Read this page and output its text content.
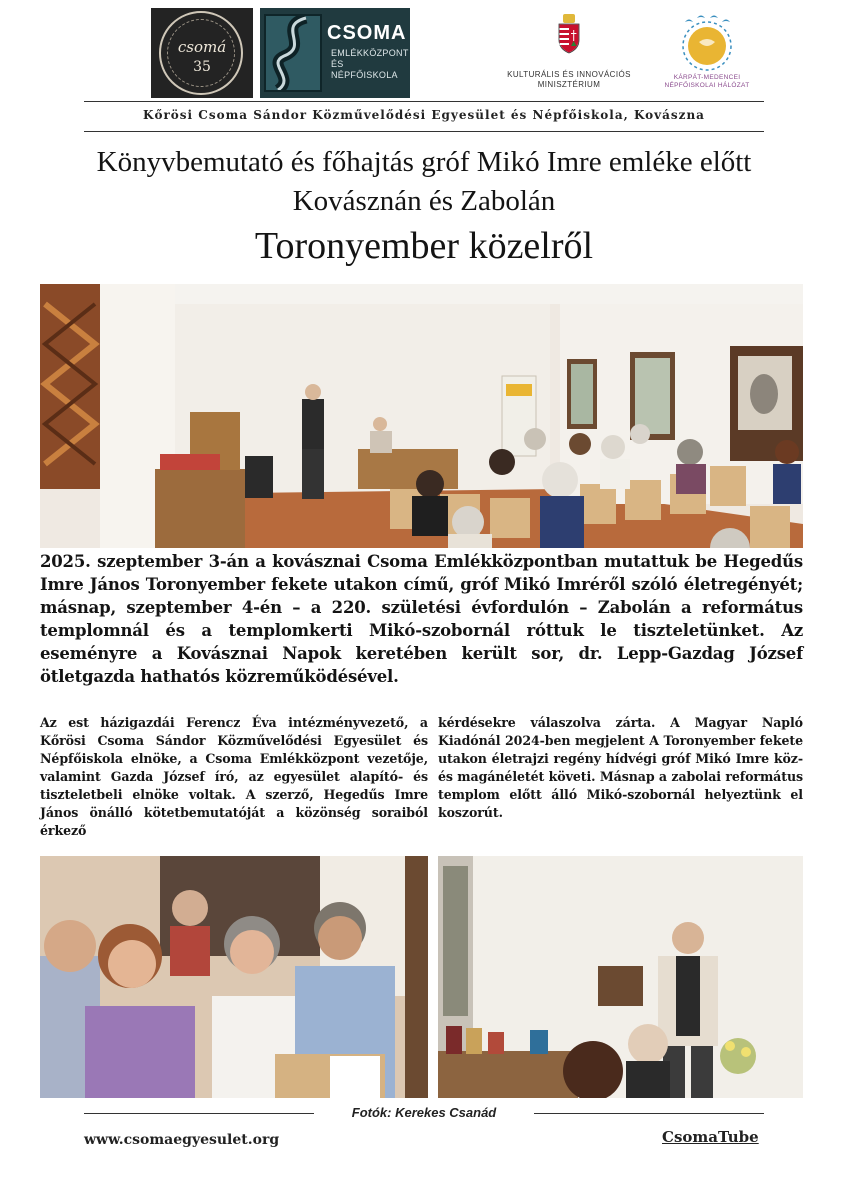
csomá
35
CSOMA
EMLÉKKÖZPONT
ÉS NÉPFŐISKOLA	KULTURÁLIS ÉS INNOVÁCIÓS
MINISZTÉRIUM
KÁRPÁT-MEDENCEI
NÉPFŐISKOLAI HÁLÓZAT
Kőrösi Csoma Sándor Közművelődési Egyesület és Népfőiskola, Kovászna
Könyvbemutató és főhajtás gróf Mikó Imre emléke előtt
Kovásznán és Zabolán
Toronyember közelről
2025. szeptember 3-án a kovásznai Csoma Emlékközpontban mutattuk be Hegedűs Imre János Toronyember fekete utakon című, gróf Mikó Imréről szóló életregényét; másnap, szeptember 4-én – a 220. születési évfordulón – Zabolán a református templomnál és a templomkerti Mikó-szobornál róttuk le tiszteletünket. Az eseményre a Kovásznai Napok keretében került sor, dr. Lepp-Gazdag József ötletgazda hathatós közreműködésével.
Az est házigazdái Ferencz Éva intézményvezető, a Kőrösi Csoma Sándor Közművelődési Egyesület és Népfőiskola elnöke, a Csoma Emlékközpont vezetője, valamint Gazda József író, az egyesület alapító- és tiszteletbeli elnöke voltak. A szerző, Hegedűs Imre János önálló kötetbemutatóját a közönség soraiból érkező
kérdésekre válaszolva zárta. A Magyar Napló Kiadónál 2024-ben megjelent A Toronyember fekete utakon életrajzi regény hídvégi gróf Mikó Imre köz- és magánéletét követi. Másnap a zabolai református templom előtt álló Mikó-szobornál helyeztünk el koszorút.
Fotók: Kerekes Csanád
www.csomaegyesulet.org	CsomaTube
